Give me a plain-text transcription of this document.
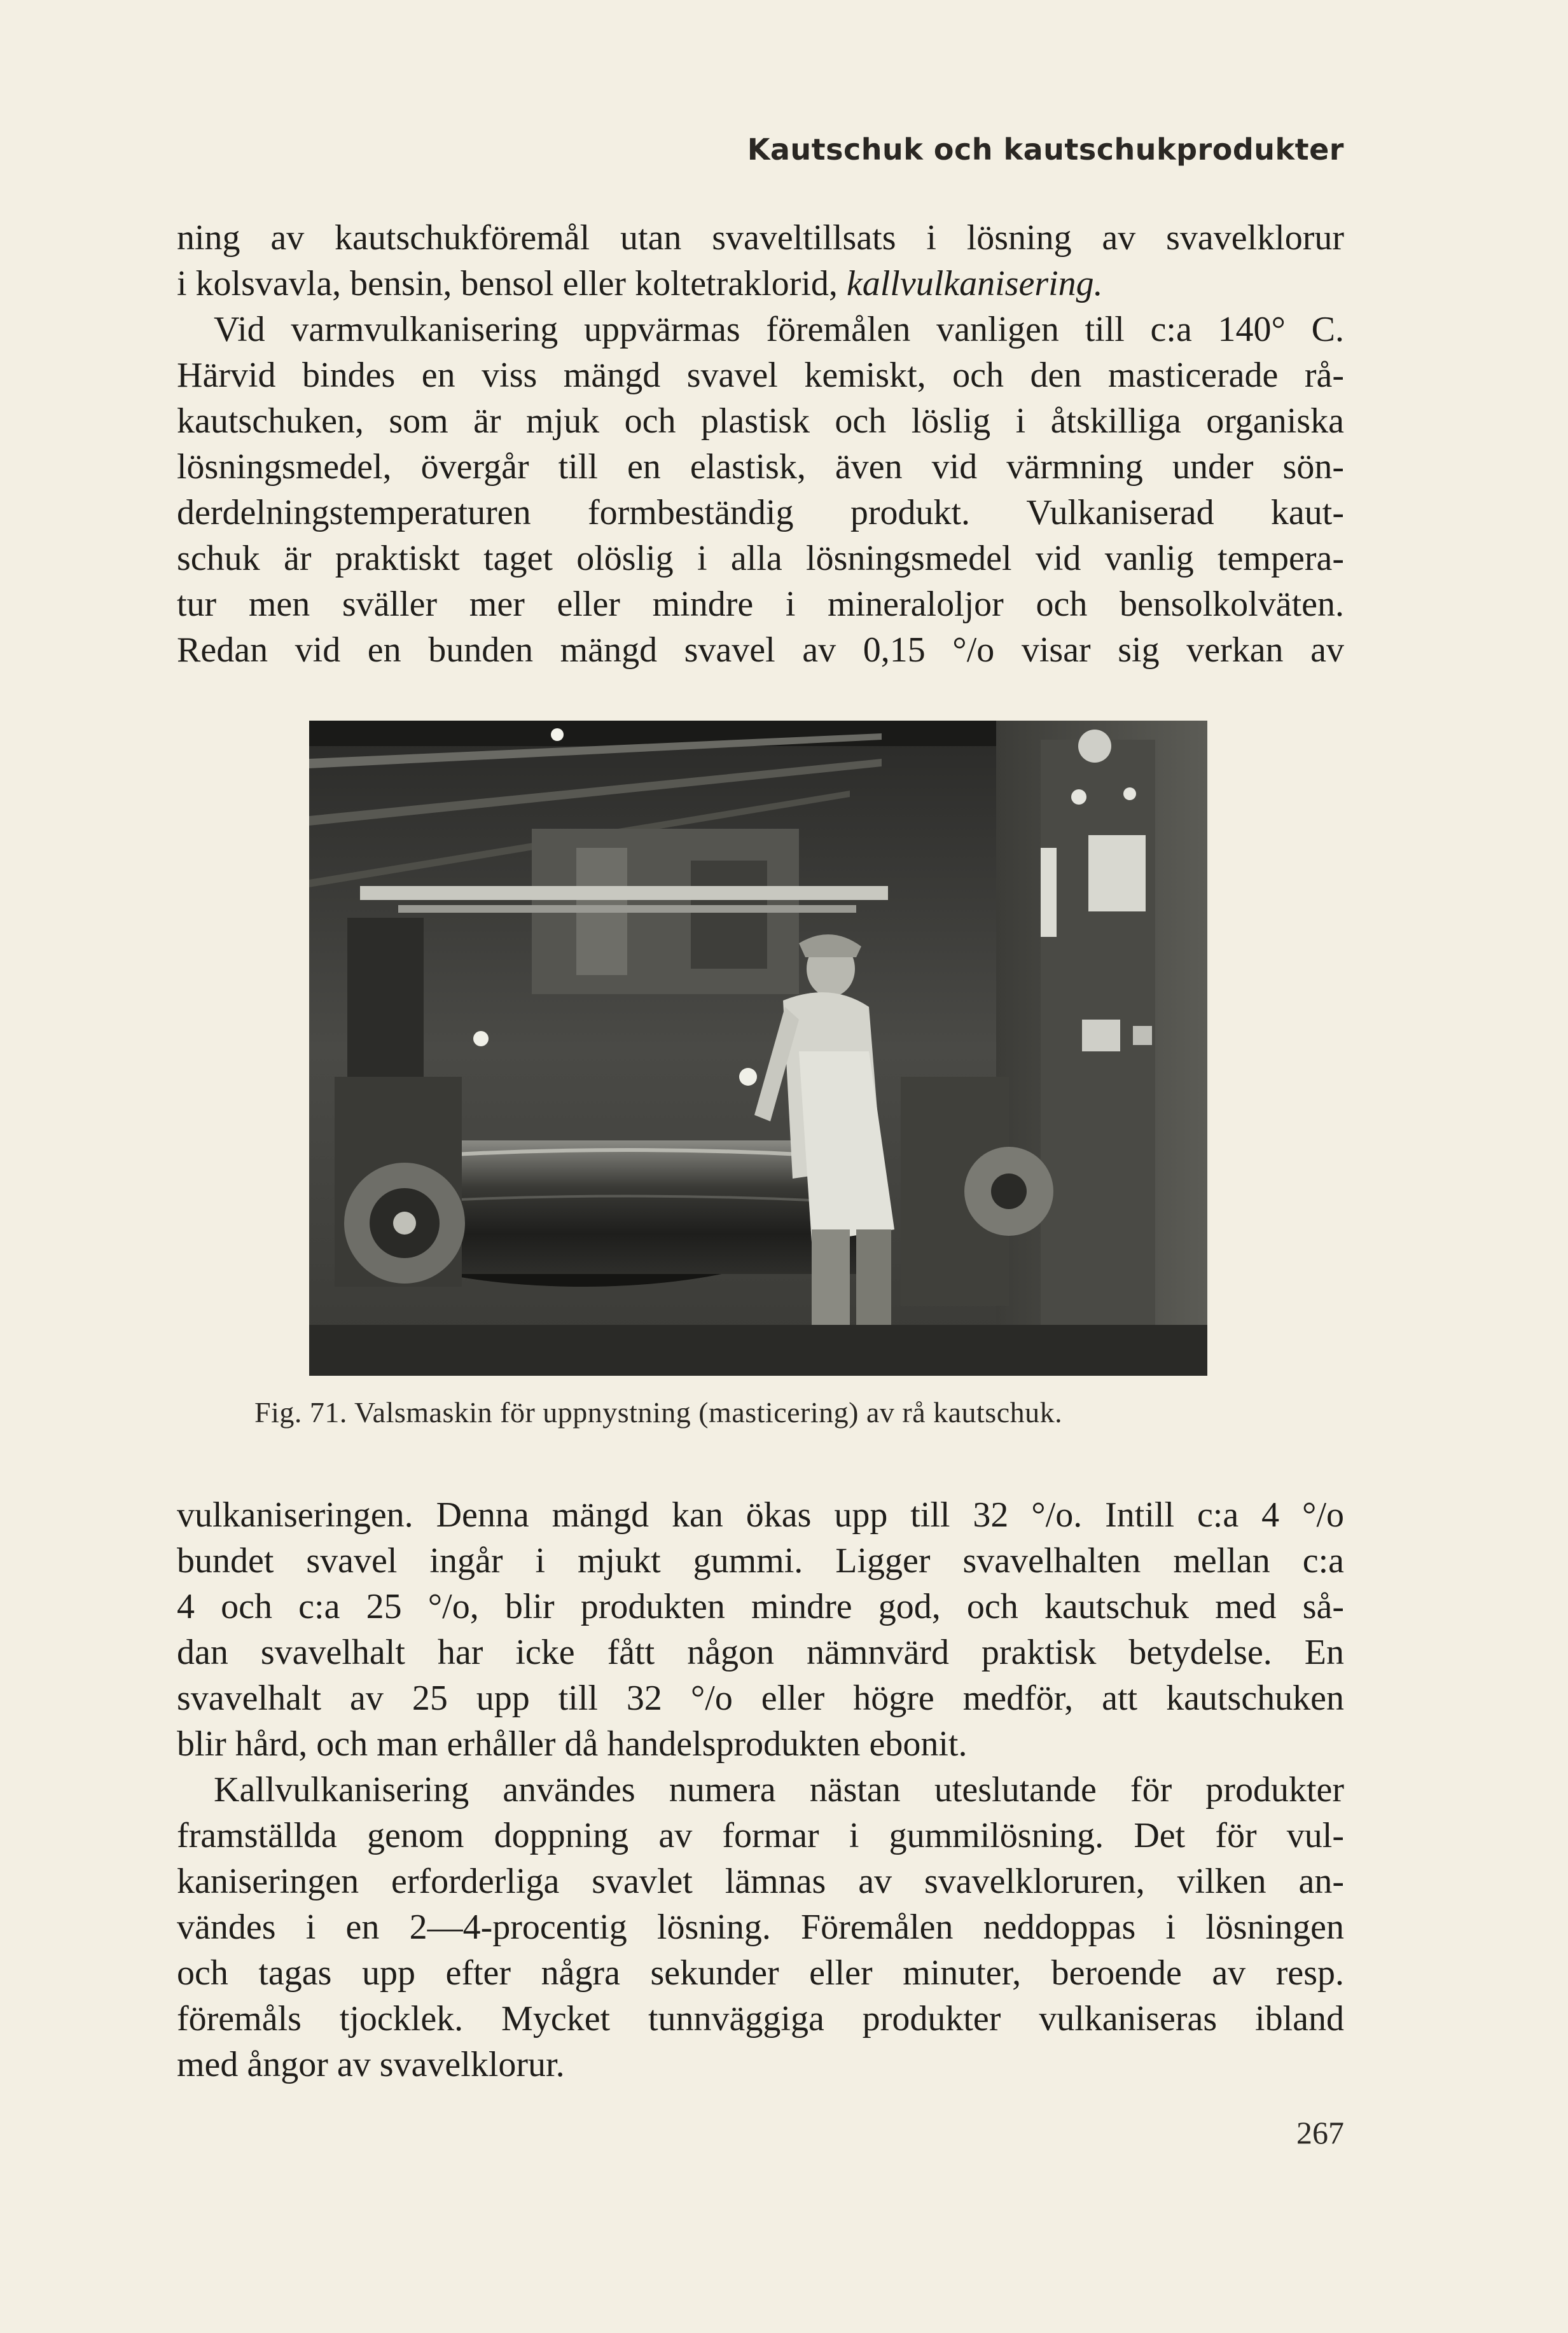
Kautschuk och kautschukprodukter
ning av kautschukföremål utan svaveltillsats i lösning av svavelklorur
i kolsvavla, bensin, bensol eller koltetraklorid, kallvulkanisering.
Vid varmvulkanisering uppvärmas föremålen vanligen till c:a 140° C.
Härvid bindes en viss mängd svavel kemiskt, och den masticerade rå-
kautschuken, som är mjuk och plastisk och löslig i åtskilliga organiska
lösningsmedel, övergår till en elastisk, även vid värmning under sön-
derdelningstemperaturen formbeständig produkt. Vulkaniserad kaut-
schuk är praktiskt taget olöslig i alla lösningsmedel vid vanlig tempera-
tur men sväller mer eller mindre i mineraloljor och bensolkolväten.
Redan vid en bunden mängd svavel av 0,15 °/o visar sig verkan av
Fig. 71. Valsmaskin för uppnystning (masticering) av rå kautschuk.
vulkaniseringen. Denna mängd kan ökas upp till 32 °/o. Intill c:a 4 °/o
bundet svavel ingår i mjukt gummi. Ligger svavelhalten mellan c:a
4 och c:a 25 °/o, blir produkten mindre god, och kautschuk med så-
dan svavelhalt har icke fått någon nämnvärd praktisk betydelse. En
svavelhalt av 25 upp till 32 °/o eller högre medför, att kautschuken
blir hård, och man erhåller då handelsprodukten ebonit.
Kallvulkanisering användes numera nästan uteslutande för produkter
framställda genom doppning av formar i gummilösning. Det för vul-
kaniseringen erforderliga svavlet lämnas av svavelkloruren, vilken an-
vändes i en 2—4-procentig lösning. Föremålen neddoppas i lösningen
och tagas upp efter några sekunder eller minuter, beroende av resp.
föremåls tjocklek. Mycket tunnväggiga produkter vulkaniseras ibland
med ångor av svavelklorur.
267
